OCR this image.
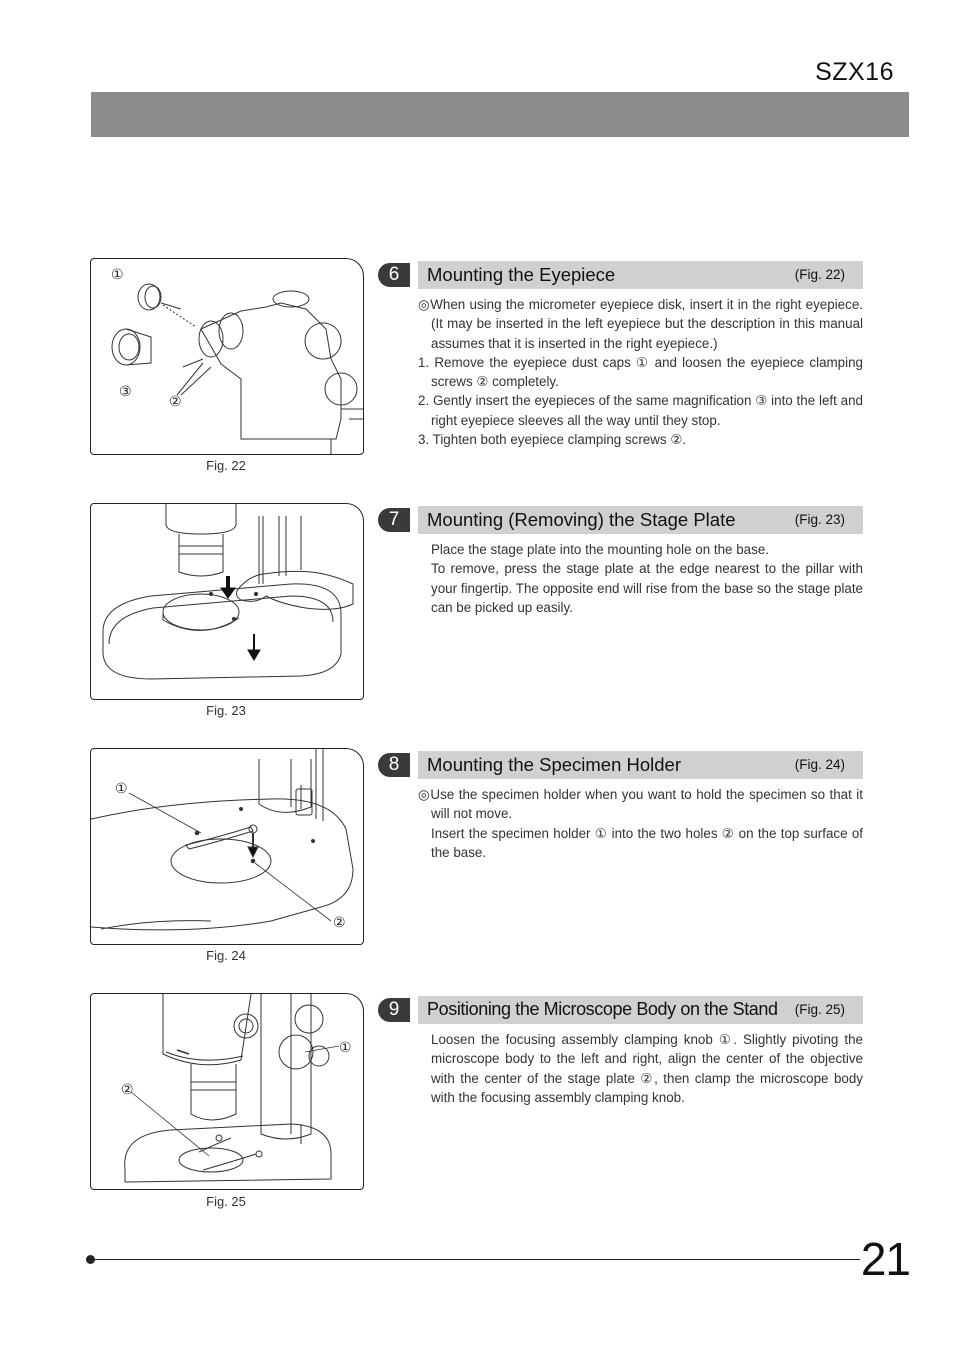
SZX16
①
③
②
Fig. 22
Fig. 23
①
②
Fig. 24
①
②
Fig. 25
6	Mounting the Eyepiece	(Fig. 22)

◎When using the micrometer eyepiece disk, insert it in the right eyepiece. (It may be inserted in the left eyepiece but the description in this manual assumes that it is inserted in the right eyepiece.)

1. Remove the eyepiece dust caps ① and loosen the eyepiece clamping screws ② completely.

2. Gently insert the eyepieces of the same magnification ③ into the left and right eyepiece sleeves all the way until they stop.

3. Tighten both eyepiece clamping screws ②.

7	Mounting (Removing) the Stage Plate	(Fig. 23)

Place the stage plate into the mounting hole on the base.

To remove, press the stage plate at the edge nearest to the pillar with your fingertip. The opposite end will rise from the base so the stage plate can be picked up easily.

8	Mounting the Specimen Holder	(Fig. 24)

◎Use the specimen holder when you want to hold the specimen so that it will not move.

Insert the specimen holder ① into the two holes ② on the top surface of the base.

9	Positioning the Microscope Body on the Stand (Fig. 25)

Loosen the focusing assembly clamping knob ①. Slightly pivoting the microscope body to the left and right, align the center of the objective with the center of the stage plate ②, then clamp the microscope body with the focusing assembly clamping knob.

21
